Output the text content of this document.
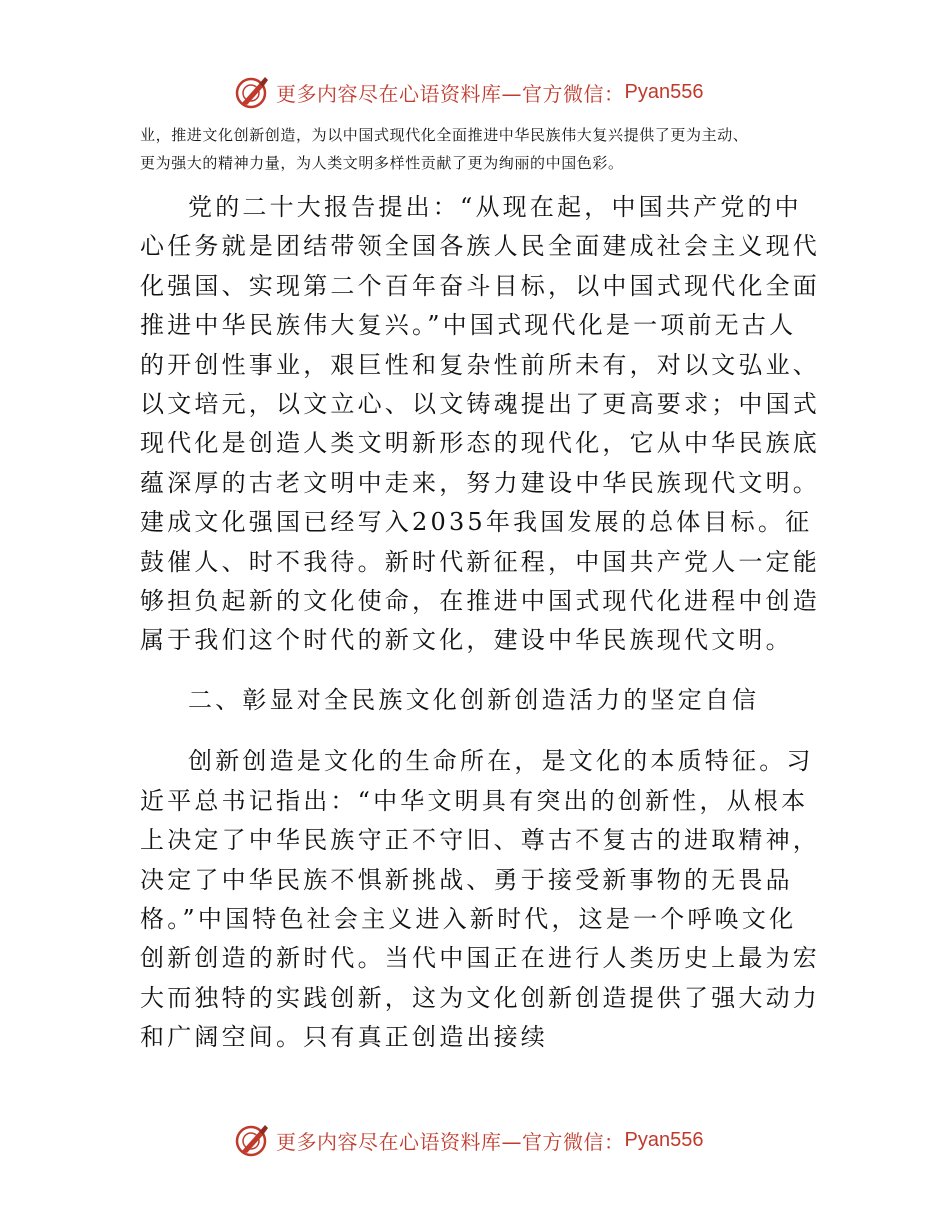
更多内容尽在心语资料库—官方微信： Pyan556

业，推进文化创新创造，为以中国式现代化全面推进中华民族伟大复兴提供了更为主动、

更为强大的精神力量，为人类文明多样性贡献了更为绚丽的中国色彩。

党的二十大报告提出：“从现在起，中国共产党的中心任务就是团结带领全国各族人民全面建成社会主义现代化强国、实现第二个百年奋斗目标，以中国式现代化全面推进中华民族伟大复兴。”中国式现代化是一项前无古人的开创性事业，艰巨性和复杂性前所未有，对以文弘业、以文培元，以文立心、以文铸魂提出了更高要求；中国式现代化是创造人类文明新形态的现代化，它从中华民族底蕴深厚的古老文明中走来，努力建设中华民族现代文明。建成文化强国已经写入2035年我国发展的总体目标。征鼓催人、时不我待。新时代新征程，中国共产党人一定能够担负起新的文化使命，在推进中国式现代化进程中创造属于我们这个时代的新文化，建设中华民族现代文明。

二、彰显对全民族文化创新创造活力的坚定自信

创新创造是文化的生命所在，是文化的本质特征。习近平总书记指出：“中华文明具有突出的创新性，从根本上决定了中华民族守正不守旧、尊古不复古的进取精神，决定了中华民族不惧新挑战、勇于接受新事物的无畏品格。”中国特色社会主义进入新时代，这是一个呼唤文化创新创造的新时代。当代中国正在进行人类历史上最为宏大而独特的实践创新，这为文化创新创造提供了强大动力和广阔空间。只有真正创造出接续

更多内容尽在心语资料库—官方微信： Pyan556
